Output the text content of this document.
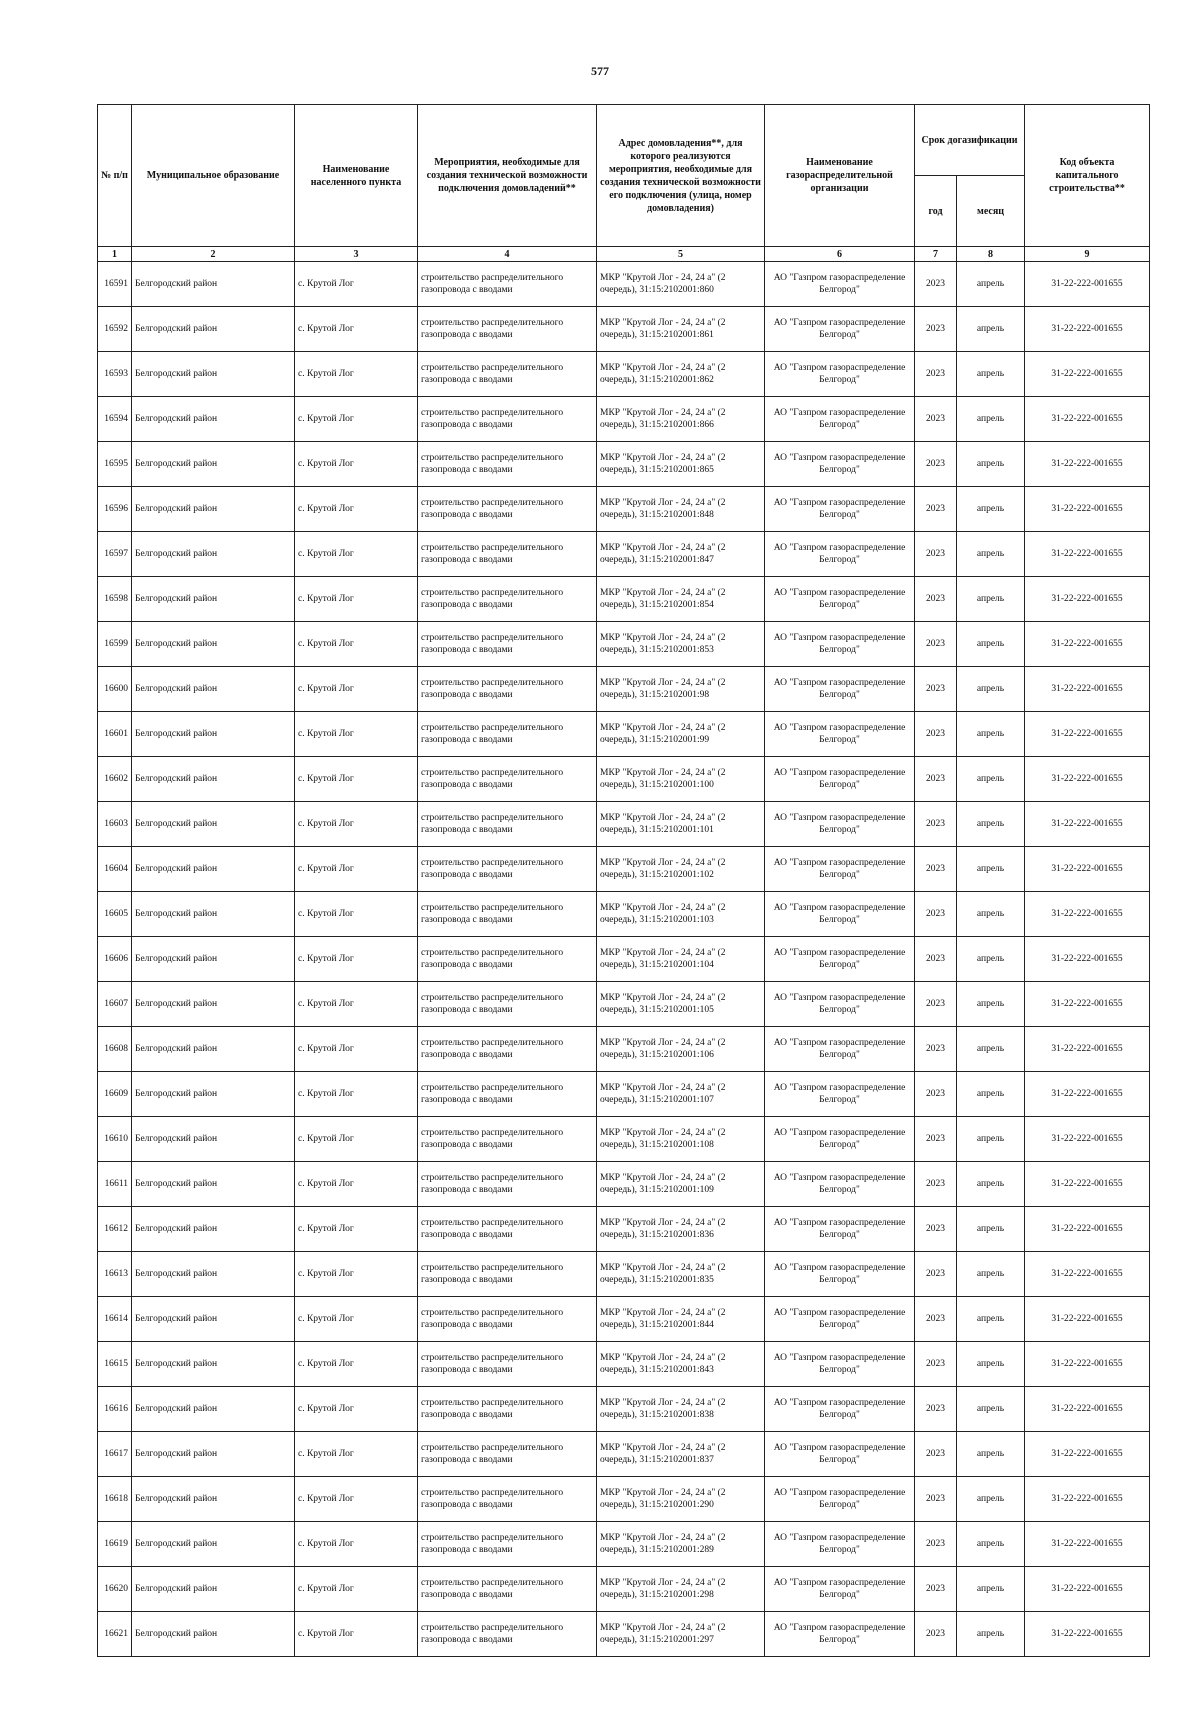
577
№ п/п	Муниципальное образование	Наименование населенного пункта	Мероприятия, необходимые для создания технической возможности подключения домовладений**	Адрес домовладения**, для которого реализуются мероприятия, необходимые для создания технической возможности его подключения (улица, номер домовладения)	Наименование газораспределительной организации	Срок догазификации		Код объекта капитального строительства**
						год	месяц	
1	2	3	4	5	6	7	8	9
16591	Белгородский район	с. Крутой Лог	строительство распределительного газопровода с вводами	МКР "Крутой Лог - 24, 24 а" (2 очередь), 31:15:2102001:860	АО "Газпром газораспределение Белгород"	2023	апрель	31-22-222-001655
16592	Белгородский район	с. Крутой Лог	строительство распределительного газопровода с вводами	МКР "Крутой Лог - 24, 24 а" (2 очередь), 31:15:2102001:861	АО "Газпром газораспределение Белгород"	2023	апрель	31-22-222-001655
16593	Белгородский район	с. Крутой Лог	строительство распределительного газопровода с вводами	МКР "Крутой Лог - 24, 24 а" (2 очередь), 31:15:2102001:862	АО "Газпром газораспределение Белгород"	2023	апрель	31-22-222-001655
16594	Белгородский район	с. Крутой Лог	строительство распределительного газопровода с вводами	МКР "Крутой Лог - 24, 24 а" (2 очередь), 31:15:2102001:866	АО "Газпром газораспределение Белгород"	2023	апрель	31-22-222-001655
16595	Белгородский район	с. Крутой Лог	строительство распределительного газопровода с вводами	МКР "Крутой Лог - 24, 24 а" (2 очередь), 31:15:2102001:865	АО "Газпром газораспределение Белгород"	2023	апрель	31-22-222-001655
16596	Белгородский район	с. Крутой Лог	строительство распределительного газопровода с вводами	МКР "Крутой Лог - 24, 24 а" (2 очередь), 31:15:2102001:848	АО "Газпром газораспределение Белгород"	2023	апрель	31-22-222-001655
16597	Белгородский район	с. Крутой Лог	строительство распределительного газопровода с вводами	МКР "Крутой Лог - 24, 24 а" (2 очередь), 31:15:2102001:847	АО "Газпром газораспределение Белгород"	2023	апрель	31-22-222-001655
16598	Белгородский район	с. Крутой Лог	строительство распределительного газопровода с вводами	МКР "Крутой Лог - 24, 24 а" (2 очередь), 31:15:2102001:854	АО "Газпром газораспределение Белгород"	2023	апрель	31-22-222-001655
16599	Белгородский район	с. Крутой Лог	строительство распределительного газопровода с вводами	МКР "Крутой Лог - 24, 24 а" (2 очередь), 31:15:2102001:853	АО "Газпром газораспределение Белгород"	2023	апрель	31-22-222-001655
16600	Белгородский район	с. Крутой Лог	строительство распределительного газопровода с вводами	МКР "Крутой Лог - 24, 24 а" (2 очередь), 31:15:2102001:98	АО "Газпром газораспределение Белгород"	2023	апрель	31-22-222-001655
16601	Белгородский район	с. Крутой Лог	строительство распределительного газопровода с вводами	МКР "Крутой Лог - 24, 24 а" (2 очередь), 31:15:2102001:99	АО "Газпром газораспределение Белгород"	2023	апрель	31-22-222-001655
16602	Белгородский район	с. Крутой Лог	строительство распределительного газопровода с вводами	МКР "Крутой Лог - 24, 24 а" (2 очередь), 31:15:2102001:100	АО "Газпром газораспределение Белгород"	2023	апрель	31-22-222-001655
16603	Белгородский район	с. Крутой Лог	строительство распределительного газопровода с вводами	МКР "Крутой Лог - 24, 24 а" (2 очередь), 31:15:2102001:101	АО "Газпром газораспределение Белгород"	2023	апрель	31-22-222-001655
16604	Белгородский район	с. Крутой Лог	строительство распределительного газопровода с вводами	МКР "Крутой Лог - 24, 24 а" (2 очередь), 31:15:2102001:102	АО "Газпром газораспределение Белгород"	2023	апрель	31-22-222-001655
16605	Белгородский район	с. Крутой Лог	строительство распределительного газопровода с вводами	МКР "Крутой Лог - 24, 24 а" (2 очередь), 31:15:2102001:103	АО "Газпром газораспределение Белгород"	2023	апрель	31-22-222-001655
16606	Белгородский район	с. Крутой Лог	строительство распределительного газопровода с вводами	МКР "Крутой Лог - 24, 24 а" (2 очередь), 31:15:2102001:104	АО "Газпром газораспределение Белгород"	2023	апрель	31-22-222-001655
16607	Белгородский район	с. Крутой Лог	строительство распределительного газопровода с вводами	МКР "Крутой Лог - 24, 24 а" (2 очередь), 31:15:2102001:105	АО "Газпром газораспределение Белгород"	2023	апрель	31-22-222-001655
16608	Белгородский район	с. Крутой Лог	строительство распределительного газопровода с вводами	МКР "Крутой Лог - 24, 24 а" (2 очередь), 31:15:2102001:106	АО "Газпром газораспределение Белгород"	2023	апрель	31-22-222-001655
16609	Белгородский район	с. Крутой Лог	строительство распределительного газопровода с вводами	МКР "Крутой Лог - 24, 24 а" (2 очередь), 31:15:2102001:107	АО "Газпром газораспределение Белгород"	2023	апрель	31-22-222-001655
16610	Белгородский район	с. Крутой Лог	строительство распределительного газопровода с вводами	МКР "Крутой Лог - 24, 24 а" (2 очередь), 31:15:2102001:108	АО "Газпром газораспределение Белгород"	2023	апрель	31-22-222-001655
16611	Белгородский район	с. Крутой Лог	строительство распределительного газопровода с вводами	МКР "Крутой Лог - 24, 24 а" (2 очередь), 31:15:2102001:109	АО "Газпром газораспределение Белгород"	2023	апрель	31-22-222-001655
16612	Белгородский район	с. Крутой Лог	строительство распределительного газопровода с вводами	МКР "Крутой Лог - 24, 24 а" (2 очередь), 31:15:2102001:836	АО "Газпром газораспределение Белгород"	2023	апрель	31-22-222-001655
16613	Белгородский район	с. Крутой Лог	строительство распределительного газопровода с вводами	МКР "Крутой Лог - 24, 24 а" (2 очередь), 31:15:2102001:835	АО "Газпром газораспределение Белгород"	2023	апрель	31-22-222-001655
16614	Белгородский район	с. Крутой Лог	строительство распределительного газопровода с вводами	МКР "Крутой Лог - 24, 24 а" (2 очередь), 31:15:2102001:844	АО "Газпром газораспределение Белгород"	2023	апрель	31-22-222-001655
16615	Белгородский район	с. Крутой Лог	строительство распределительного газопровода с вводами	МКР "Крутой Лог - 24, 24 а" (2 очередь), 31:15:2102001:843	АО "Газпром газораспределение Белгород"	2023	апрель	31-22-222-001655
16616	Белгородский район	с. Крутой Лог	строительство распределительного газопровода с вводами	МКР "Крутой Лог - 24, 24 а" (2 очередь), 31:15:2102001:838	АО "Газпром газораспределение Белгород"	2023	апрель	31-22-222-001655
16617	Белгородский район	с. Крутой Лог	строительство распределительного газопровода с вводами	МКР "Крутой Лог - 24, 24 а" (2 очередь), 31:15:2102001:837	АО "Газпром газораспределение Белгород"	2023	апрель	31-22-222-001655
16618	Белгородский район	с. Крутой Лог	строительство распределительного газопровода с вводами	МКР "Крутой Лог - 24, 24 а" (2 очередь), 31:15:2102001:290	АО "Газпром газораспределение Белгород"	2023	апрель	31-22-222-001655
16619	Белгородский район	с. Крутой Лог	строительство распределительного газопровода с вводами	МКР "Крутой Лог - 24, 24 а" (2 очередь), 31:15:2102001:289	АО "Газпром газораспределение Белгород"	2023	апрель	31-22-222-001655
16620	Белгородский район	с. Крутой Лог	строительство распределительного газопровода с вводами	МКР "Крутой Лог - 24, 24 а" (2 очередь), 31:15:2102001:298	АО "Газпром газораспределение Белгород"	2023	апрель	31-22-222-001655
16621	Белгородский район	с. Крутой Лог	строительство распределительного газопровода с вводами	МКР "Крутой Лог - 24, 24 а" (2 очередь), 31:15:2102001:297	АО "Газпром газораспределение Белгород"	2023	апрель	31-22-222-001655
